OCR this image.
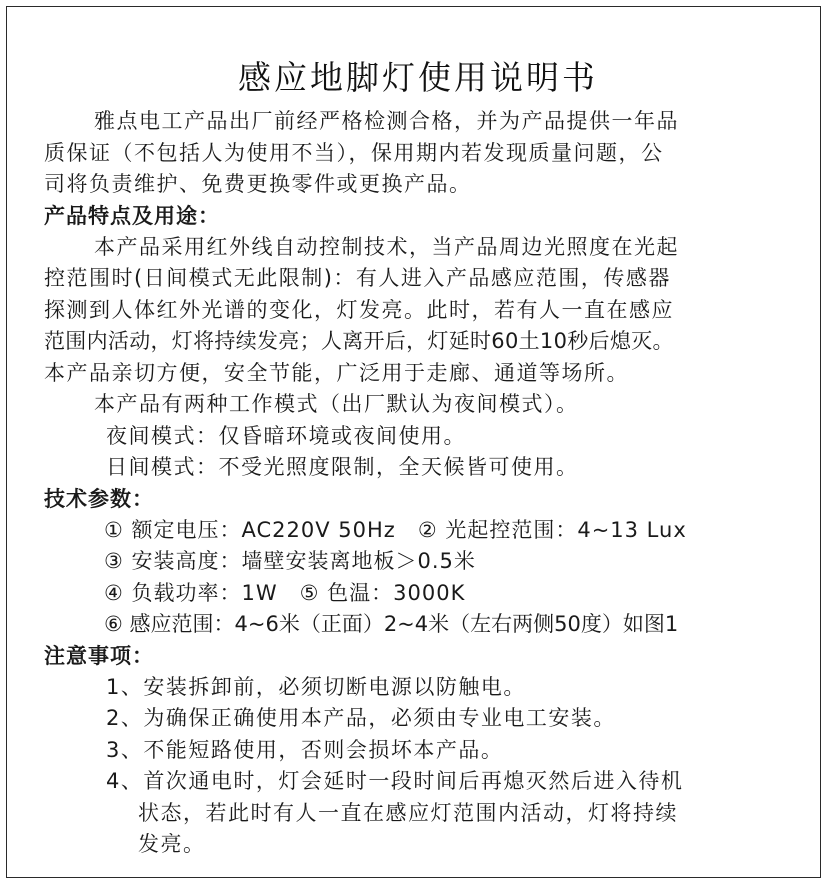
感应地脚灯使用说明书

雅点电工产品出厂前经严格检测合格，并为产品提供一年品

质保证（不包括人为使用不当），保用期内若发现质量问题，公

司将负责维护、免费更换零件或更换产品。

产品特点及用途：

本产品采用红外线自动控制技术，当产品周边光照度在光起

控范围时(日间模式无此限制)：有人进入产品感应范围，传感器

探测到人体红外光谱的变化，灯发亮。此时，若有人一直在感应

范围内活动，灯将持续发亮；人离开后，灯延时60土10秒后熄灭。

本产品亲切方便，安全节能，广泛用于走廊、通道等场所。

本产品有两种工作模式（出厂默认为夜间模式）。

夜间模式：仅昏暗环境或夜间使用。

日间模式：不受光照度限制，全天候皆可使用。

技术参数：

① 额定电压：AC220V 50Hz ② 光起控范围：4~13 Lux

③ 安装高度：墙壁安装离地板＞0.5米

④ 负载功率：1W ⑤ 色温：3000K

⑥ 感应范围：4~6米（正面）2~4米（左右两侧50度）如图1

注意事项：

1、安装拆卸前，必须切断电源以防触电。

2、为确保正确使用本产品，必须由专业电工安装。

3、不能短路使用，否则会损坏本产品。

4、首次通电时，灯会延时一段时间后再熄灭然后进入待机

状态，若此时有人一直在感应灯范围内活动，灯将持续

发亮。
